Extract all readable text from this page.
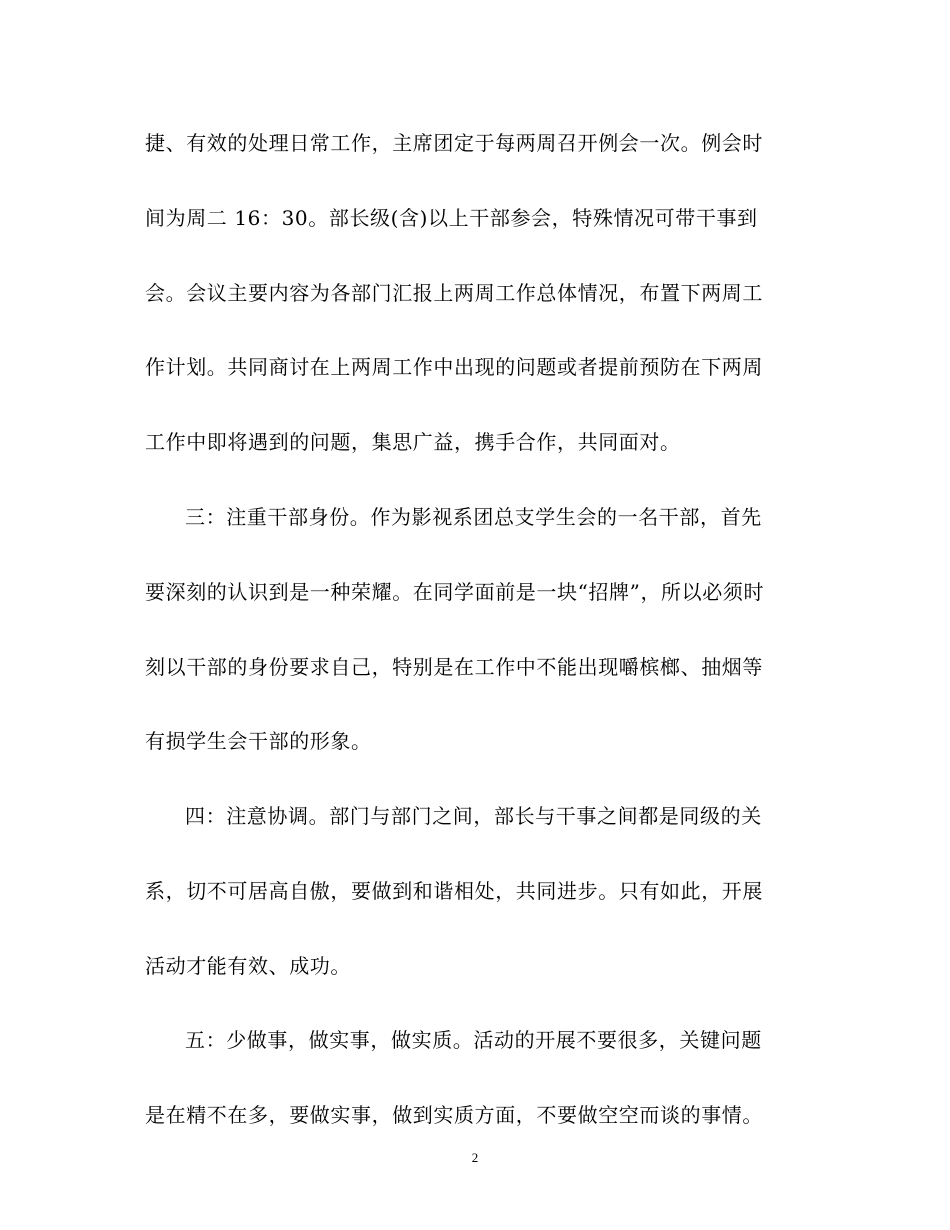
捷、有效的处理日常工作，主席团定于每两周召开例会一次。例会时
间为周二 16：30。部长级(含)以上干部参会，特殊情况可带干事到
会。会议主要内容为各部门汇报上两周工作总体情况，布置下两周工
作计划。共同商讨在上两周工作中出现的问题或者提前预防在下两周
工作中即将遇到的问题，集思广益，携手合作，共同面对。
三：注重干部身份。作为影视系团总支学生会的一名干部，首先
要深刻的认识到是一种荣耀。在同学面前是一块“招牌”，所以必须时
刻以干部的身份要求自己，特别是在工作中不能出现嚼槟榔、抽烟等
有损学生会干部的形象。
四：注意协调。部门与部门之间，部长与干事之间都是同级的关
系，切不可居高自傲，要做到和谐相处，共同进步。只有如此，开展
活动才能有效、成功。
五：少做事，做实事，做实质。活动的开展不要很多，关键问题
是在精不在多，要做实事，做到实质方面，不要做空空而谈的事情。
2
